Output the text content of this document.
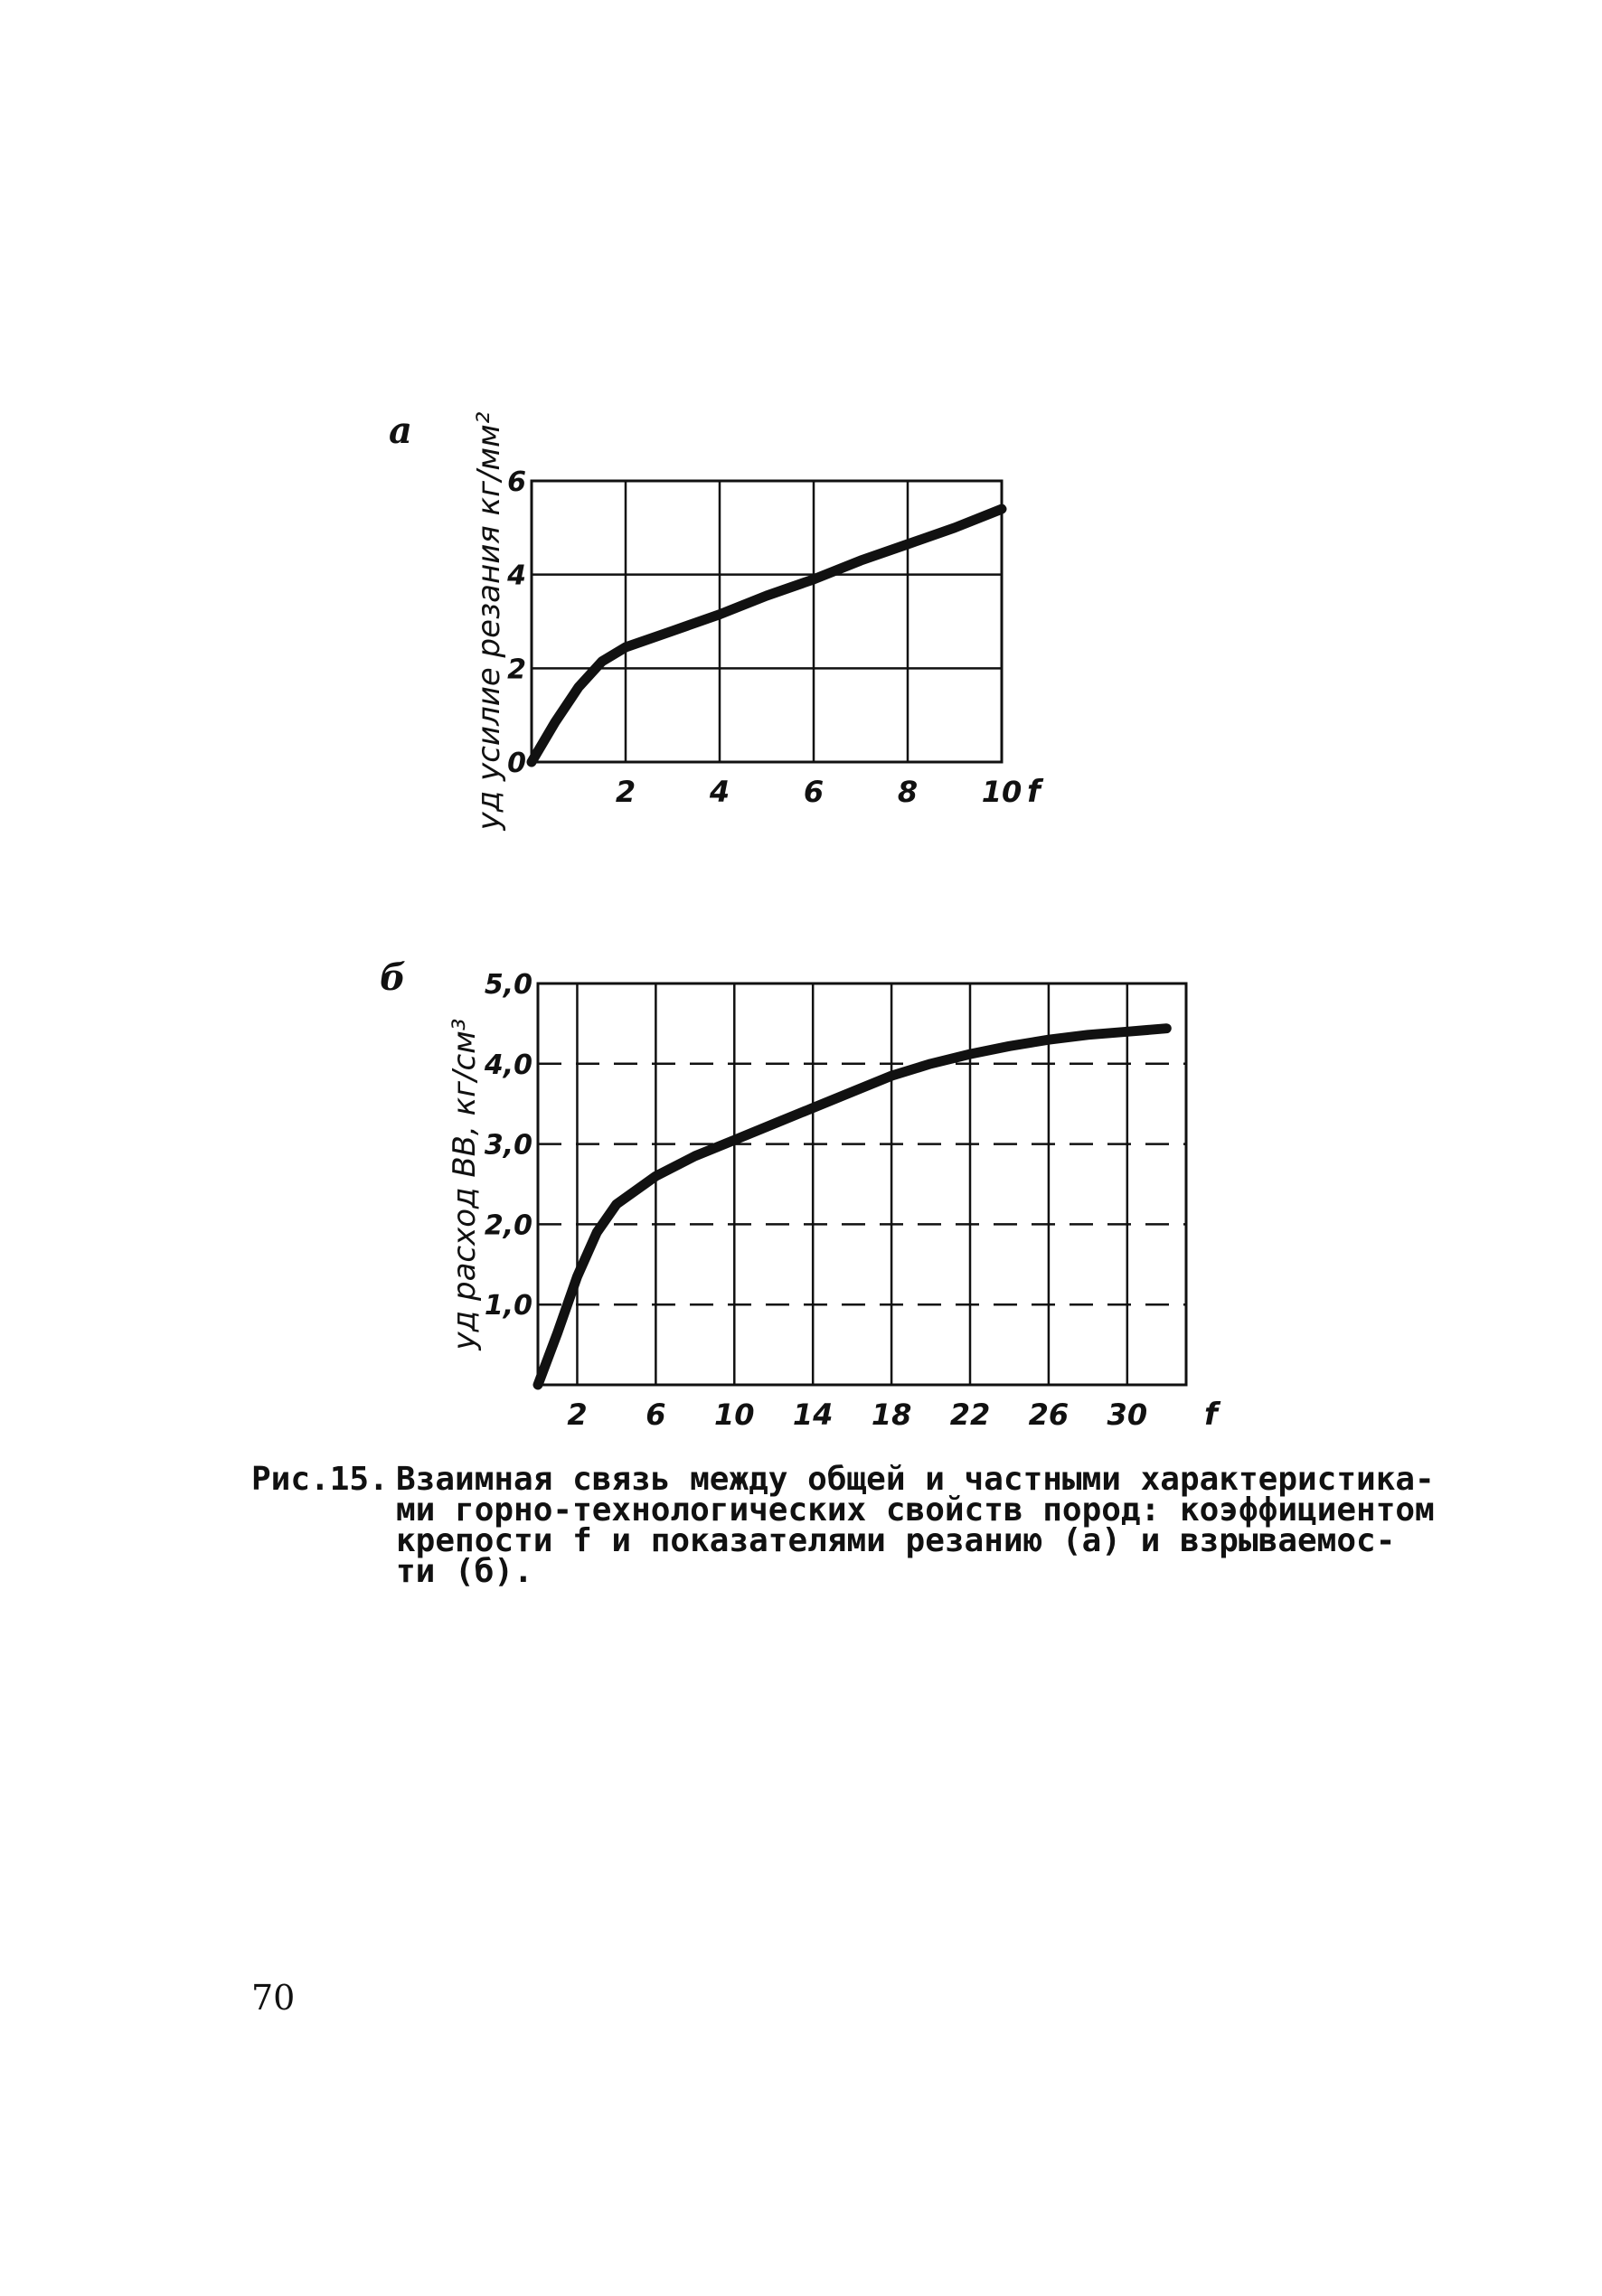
a
2	4	6	8 10
0
2
4
6
f
уд усилие резания кг/мм²
б
2 6 10 14 18 22 26 30
1,0
2,0
3,0
4,0
5,0
f
уд расход ВВ, кг/см³
Рис.15. Взаимная связь между общей и частными характеристика-
ми горно-технологических свойств пород: коэффициентом
крепости f и показателями резанию (а) и взрываемос-
ти (б).
70
